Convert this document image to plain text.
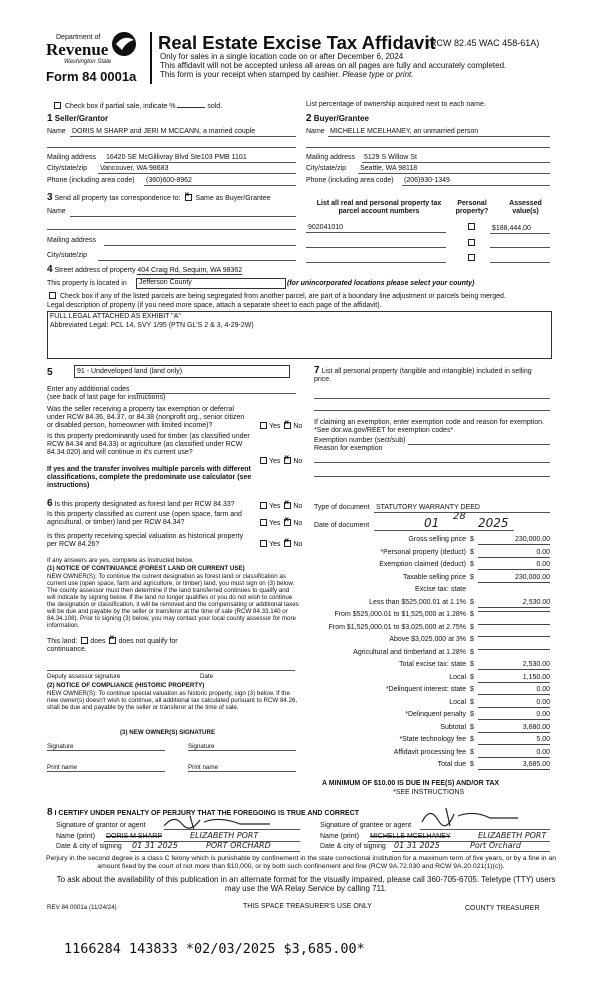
Department of
Revenue
Washington State
Form 84 0001a
Real Estate Excise Tax Affidavit
(RCW 82.45 WAC 458-61A)
Only for sales in a single location code on or after December 6, 2024
This affidavit will not be accepted unless all areas on all pages are fully and accurately completed.
This form is your receipt when stamped by cashier. Please type or print.
Check box if partial sale, indicate %	sold.	List percentage of ownership acquired next to each name.
1 Seller/Grantor
Name DORIS M SHARP and JERI M MCCANN, a married couple
Mailing address 16420 SE McGillivray Blvd Ste103 PMB 1101
City/state/zip Vancouver, WA 98683
Phone (including area code) (360)600-8962
2 Buyer/Grantee
Name MICHELLE MCELHANEY, an unmarried person
Mailing address 5129 S Willow St
City/state/zip Seattle, WA 98118
Phone (including area code) (206)930-1349
3 Send all property tax correspondence to: × Same as Buyer/Grantee
Name
Mailing address
City/state/zip
List all real and personal property tax parcel account numbers
Personal property?
Assessed value(s)
902041010	$188,444.00
4 Street address of property 404 Craig Rd, Sequim, WA 98362
This property is located in	Jefferson County	(for unincorporated locations please select your county)
Check box if any of the listed parcels are being segregated from another parcel, are part of a boundary line adjustment or parcels being merged.
Legal description of property (if you need more space, attach a separate sheet to each page of the affidavit).
FULL LEGAL ATTACHED AS EXHIBIT "A"
Abbreviated Legal: PCL 14, SVY 1/95 (PTN GL'S 2 & 3, 4-29-2W)
5	91 - Undeveloped land (land only)
Enter any additional codes
(see back of last page for instructions)
Was the seller receiving a property tax exemption or deferral under RCW 84.36, 84.37, or 84.38 (nonprofit org., senior citizen or disabled person, homeowner with limited income)?	Yes × No
Is this property predominantly used for timber (as classified under RCW 84.34 and 84.33) or agriculture (as classified under RCW 84.34.020) and will continue in it's current use?
Yes × No
If yes and the transfer involves multiple parcels with different classifications, complete the predominate use calculator (see instructions)
7 List all personal property (tangible and intangible) included in selling price.
If claiming an exemption, enter exemption code and reason for exemption. *See dor.wa.gov/REET for exemption codes*
Exemption number (sect/sub)
Reason for exemption
6 Is this property designated as forest land per RCW 84.33?	Yes × No
Is this property classified as current use (open space, farm and agricultural, or timber) land per RCW 84.34?	Yes × No
Is this property receiving special valuation as historical property per RCW 84.26?	Yes × No
If any answers are yes, complete as instructed below.
(1) NOTICE OF CONTINUANCE (FOREST LAND OR CURRENT USE)
NEW OWNER(S): To continue the current designation as forest land or classification as current use (open space, farm and agriculture, or timber) land, you must sign on (3) below. The county assessor must then determine if the land transferred continues to qualify and will indicate by signing below. If the land no longer qualifies or you do not wish to continue the designation or classification, it will be removed and the compensating or additional taxes will be due and payable by the seller or transferor at the time of sale (RCW 84.33.140 or 84.34.108). Prior to signing (3) below, you may contact your local county assessor for more information.
This land: does × does not qualify for
continuance.
Deputy assessor signature	Date
(2) NOTICE OF COMPLIANCE (HISTORIC PROPERTY)
NEW OWNER(S): To continue special valuation as historic property, sign (3) below. If the new owner(s) doesn't wish to continue, all additional tax calculated pursuant to RCW 84.26, shall be due and payable by the seller or transferor at the time of sale.
(3) NEW OWNER(S) SIGNATURE
Signature	Signature
Print name	Print name
Type of document STATUTORY WARRANTY DEED
Date of document	01 28 2025
Gross selling price $	230,000.00
*Personal property (deduct) $	0.00
Exemption claimed (deduct) $	0.00
Taxable selling price $	230,000.00
Excise tax: state
Less than $525,000.01 at 1.1% $	2,530.00
From $525,000.01 to $1,525,000 at 1.28% $
From $1,525,000.01 to $3,025,000 at 2.75% $
Above $3,025,000 at 3% $
Agricultural and timberland at 1.28% $
Total excise tax: state $	2,530.00
Local $	1,150.00
*Delinquent interest: state $	0.00
Local $	0.00
*Delinquent penalty $	0.00
Subtotal $	3,680.00
*State technology fee $	5.00
Affidavit processing fee $	0.00
Total due $	3,685.00
A MINIMUM OF $10.00 IS DUE IN FEE(S) AND/OR TAX
*SEE INSTRUCTIONS
8 I CERTIFY UNDER PENALTY OF PERJURY THAT THE FOREGOING IS TRUE AND CORRECT
Signature of grantor or agent
Name (print) DORIS M SHARP	ELIZABETH PORT
Date & city of signing 01 31 2025	PORT ORCHARD
Signature of grantee or agent
Name (print) MICHELLE MCELHANEY	ELIZABETH PORT
Date & city of signing 01 31 2025	Port Orchard
Perjury in the second degree is a class C felony which is punishable by confinement in the state correctional institution for a maximum term of five years, or by a fine in an amount fixed by the court of not more than $10,000, or by both such confinement and fine (RCW 9A.72.030 and RCW 9A.20.021(1)(c)).
To ask about the availability of this publication in an alternate format for the visually impaired, please call 360-705-6705. Teletype (TTY) users may use the WA Relay Service by calling 711.
REV 84 0001a (11/24/24)	THIS SPACE TREASURER'S USE ONLY	COUNTY TREASURER
1166284 143833 *02/03/2025 $3,685.00*
